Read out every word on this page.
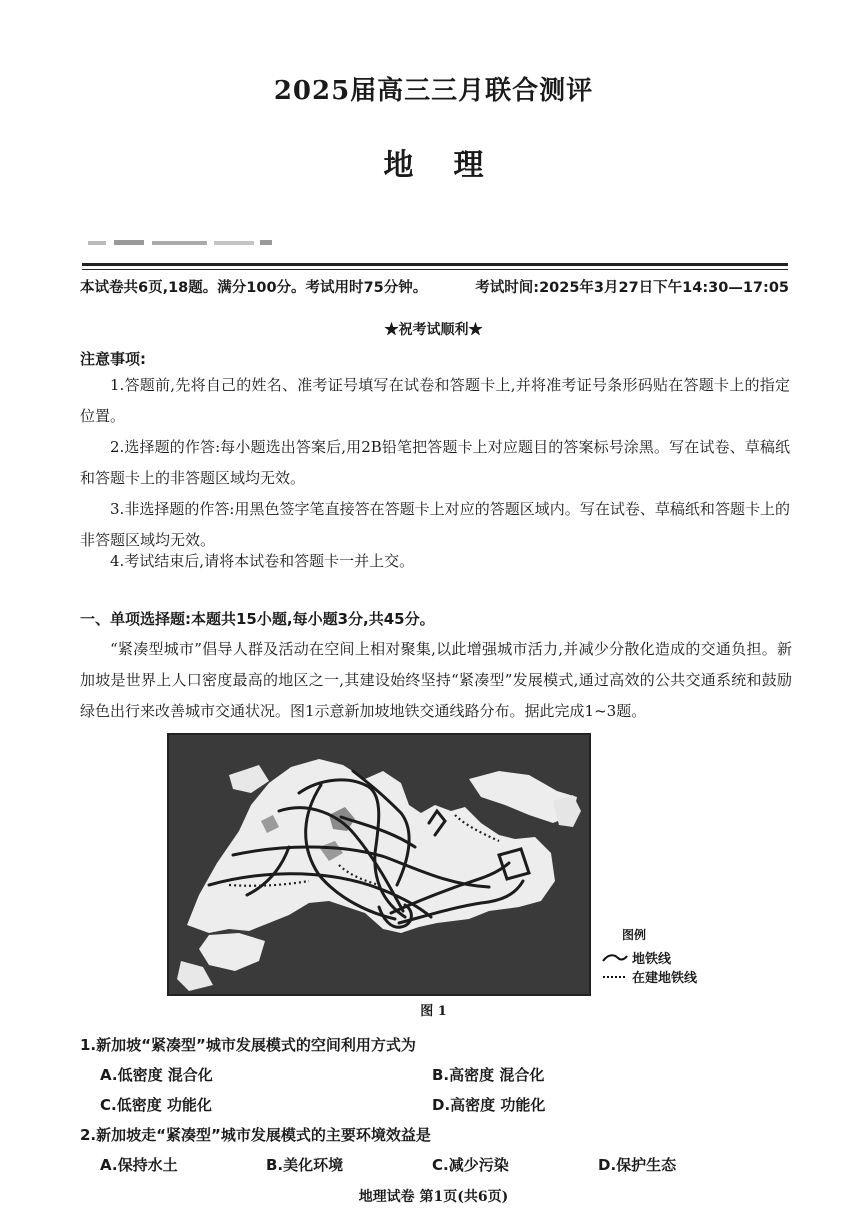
2025届高三三月联合测评
地理
本试卷共6页,18题。满分100分。考试用时75分钟。	考试时间:2025年3月27日下午14:30—17:05
★祝考试顺利★
注意事项:
1.答题前,先将自己的姓名、准考证号填写在试卷和答题卡上,并将准考证号条形码贴在答题卡上的指定位置。
2.选择题的作答:每小题选出答案后,用2B铅笔把答题卡上对应题目的答案标号涂黑。写在试卷、草稿纸和答题卡上的非答题区域均无效。
3.非选择题的作答:用黑色签字笔直接答在答题卡上对应的答题区域内。写在试卷、草稿纸和答题卡上的非答题区域均无效。
4.考试结束后,请将本试卷和答题卡一并上交。
一、单项选择题:本题共15小题,每小题3分,共45分。
“紧凑型城市”倡导人群及活动在空间上相对聚集,以此增强城市活力,并减少分散化造成的交通负担。新加坡是世界上人口密度最高的地区之一,其建设始终坚持“紧凑型”发展模式,通过高效的公共交通系统和鼓励绿色出行来改善城市交通状况。图1示意新加坡地铁交通线路分布。据此完成1~3题。
图例
地铁线
在建地铁线
图 1
1.新加坡“紧凑型”城市发展模式的空间利用方式为
A.低密度 混合化	B.高密度 混合化
C.低密度 功能化	D.高密度 功能化
2.新加坡走“紧凑型”城市发展模式的主要环境效益是
A.保持水土	B.美化环境	C.减少污染	D.保护生态
地理试卷 第1页(共6页)
